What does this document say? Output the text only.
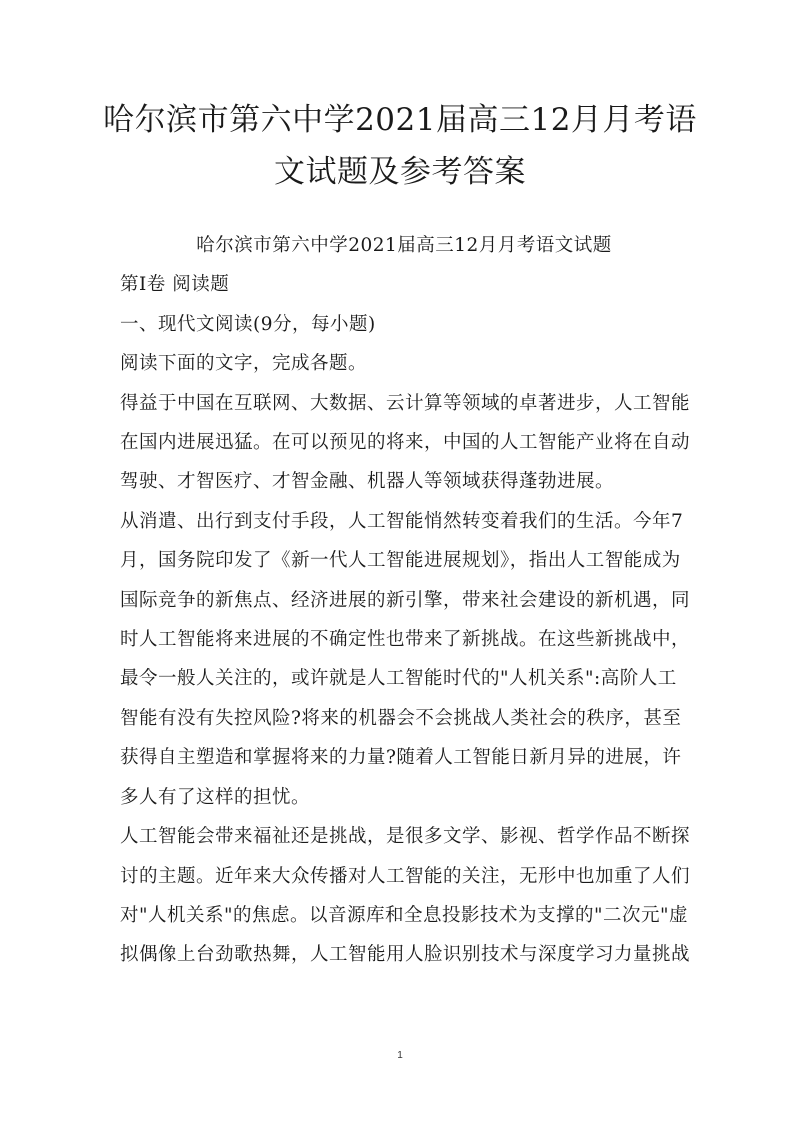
哈尔滨市第六中学2021届高三12月月考语
文试题及参考答案

哈尔滨市第六中学2021届高三12月月考语文试题

第Ⅰ卷 阅读题

一、现代文阅读(9分，每小题)

阅读下面的文字，完成各题。

得益于中国在互联网、大数据、云计算等领域的卓著进步，人工智能

在国内进展迅猛。在可以预见的将来，中国的人工智能产业将在自动

驾驶、才智医疗、才智金融、机器人等领域获得蓬勃进展。

从消遣、出行到支付手段，人工智能悄然转变着我们的生活。今年7

月，国务院印发了《新一代人工智能进展规划》，指出人工智能成为

国际竞争的新焦点、经济进展的新引擎，带来社会建设的新机遇，同

时人工智能将来进展的不确定性也带来了新挑战。在这些新挑战中，

最令一般人关注的，或许就是人工智能时代的"人机关系":高阶人工

智能有没有失控风险?将来的机器会不会挑战人类社会的秩序，甚至

获得自主塑造和掌握将来的力量?随着人工智能日新月异的进展，许

多人有了这样的担忧。

人工智能会带来福祉还是挑战，是很多文学、影视、哲学作品不断探

讨的主题。近年来大众传播对人工智能的关注，无形中也加重了人们

对"人机关系"的焦虑。以音源库和全息投影技术为支撑的"二次元"虚

拟偶像上台劲歌热舞，人工智能用人脸识别技术与深度学习力量挑战

1
